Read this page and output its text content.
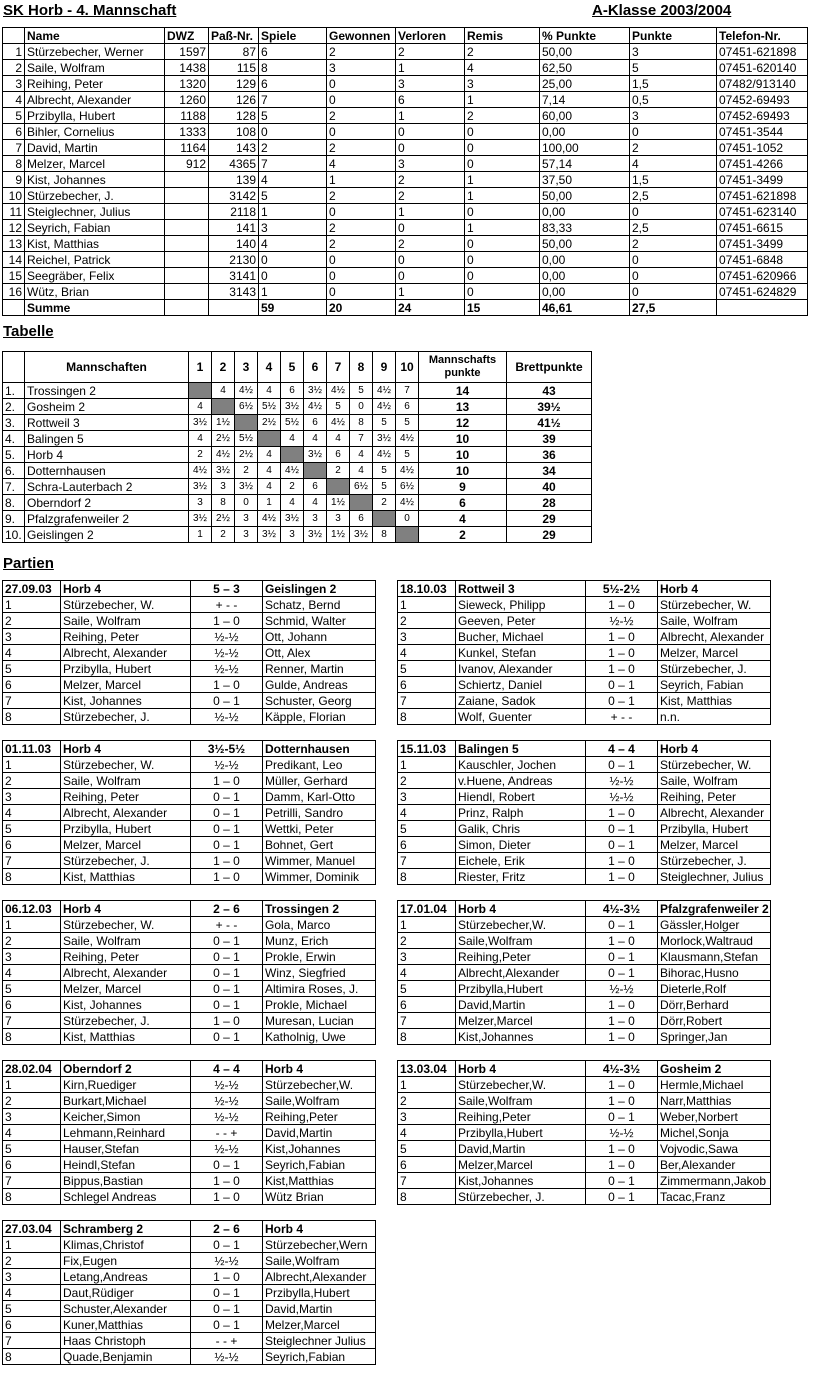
SK Horb - 4. Mannschaft	A-Klasse 2003/2004
	Name	DWZ	Paß-Nr.	Spiele	Gewonnen	Verloren	Remis	% Punkte	Punkte	Telefon-Nr.
1	Stürzebecher, Werner	1597	87	6	2	2	2	50,00	3	07451-621898
2	Saile, Wolfram	1438	115	8	3	1	4	62,50	5	07451-620140
3	Reihing, Peter	1320	129	6	0	3	3	25,00	1,5	07482/913140
4	Albrecht, Alexander	1260	126	7	0	6	1	7,14	0,5	07452-69493
5	Przibylla, Hubert	1188	128	5	2	1	2	60,00	3	07452-69493
6	Bihler, Cornelius	1333	108	0	0	0	0	0,00	0	07451-3544
7	David, Martin	1164	143	2	2	0	0	100,00	2	07451-1052
8	Melzer, Marcel	912	4365	7	4	3	0	57,14	4	07451-4266
9	Kist, Johannes		139	4	1	2	1	37,50	1,5	07451-3499
10	Stürzebecher, J.		3142	5	2	2	1	50,00	2,5	07451-621898
11	Steiglechner, Julius		2118	1	0	1	0	0,00	0	07451-623140
12	Seyrich, Fabian		141	3	2	0	1	83,33	2,5	07451-6615
13	Kist, Matthias		140	4	2	2	0	50,00	2	07451-3499
14	Reichel, Patrick		2130	0	0	0	0	0,00	0	07451-6848
15	Seegräber, Felix		3141	0	0	0	0	0,00	0	07451-620966
16	Wütz, Brian		3143	1	0	1	0	0,00	0	07451-624829
	Summe			59	20	24	15	46,61	27,5	
Tabelle
	Mannschaften	1	2	3	4	5	6	7	8	9	10	Mannschafts punkte	Brettpunkte
1.	Trossingen 2		4	4½	4	6	3½	4½	5	4½	7	14	43
2.	Gosheim 2	4		6½	5½	3½	4½	5	0	4½	6	13	39½
3.	Rottweil 3	3½	1½		2½	5½	6	4½	8	5	5	12	41½
4.	Balingen 5	4	2½	5½		4	4	4	7	3½	4½	10	39
5.	Horb 4	2	4½	2½	4		3½	6	4	4½	5	10	36
6.	Dotternhausen	4½	3½	2	4	4½		2	4	5	4½	10	34
7.	Schra-Lauterbach 2	3½	3	3½	4	2	6		6½	5	6½	9	40
8.	Oberndorf 2	3	8	0	1	4	4	1½		2	4½	6	28
9.	Pfalzgrafenweiler 2	3½	2½	3	4½	3½	3	3	6		0	4	29
10.	Geislingen 2	1	2	3	3½	3	3½	1½	3½	8		2	29
Partien
27.09.03	Horb 4	5 – 3	Geislingen 2
1	Stürzebecher, W.	+ - -	Schatz, Bernd
2	Saile, Wolfram	1 – 0	Schmid, Walter
3	Reihing, Peter	½-½	Ott, Johann
4	Albrecht, Alexander	½-½	Ott, Alex
5	Przibylla, Hubert	½-½	Renner, Martin
6	Melzer, Marcel	1 – 0	Gulde, Andreas
7	Kist, Johannes	0 – 1	Schuster, Georg
8	Stürzebecher, J.	½-½	Käpple, Florian
18.10.03	Rottweil 3	5½-2½	Horb 4
1	Sieweck, Philipp	1 – 0	Stürzebecher, W.
2	Geeven, Peter	½-½	Saile, Wolfram
3	Bucher, Michael	1 – 0	Albrecht, Alexander
4	Kunkel, Stefan	1 – 0	Melzer, Marcel
5	Ivanov, Alexander	1 – 0	Stürzebecher, J.
6	Schiertz, Daniel	0 – 1	Seyrich, Fabian
7	Zaiane, Sadok	0 – 1	Kist, Matthias
8	Wolf, Guenter	+ - -	n.n.
01.11.03	Horb 4	3½-5½	Dotternhausen
1	Stürzebecher, W.	½-½	Predikant, Leo
2	Saile, Wolfram	1 – 0	Müller, Gerhard
3	Reihing, Peter	0 – 1	Damm, Karl-Otto
4	Albrecht, Alexander	0 – 1	Petrilli, Sandro
5	Przibylla, Hubert	0 – 1	Wettki, Peter
6	Melzer, Marcel	0 – 1	Bohnet, Gert
7	Stürzebecher, J.	1 – 0	Wimmer, Manuel
8	Kist, Matthias	1 – 0	Wimmer, Dominik
15.11.03	Balingen 5	4 – 4	Horb 4
1	Kauschler, Jochen	0 – 1	Stürzebecher, W.
2	v.Huene, Andreas	½-½	Saile, Wolfram
3	Hiendl, Robert	½-½	Reihing, Peter
4	Prinz, Ralph	1 – 0	Albrecht, Alexander
5	Galik, Chris	0 – 1	Przibylla, Hubert
6	Simon, Dieter	0 – 1	Melzer, Marcel
7	Eichele, Erik	1 – 0	Stürzebecher, J.
8	Riester, Fritz	1 – 0	Steiglechner, Julius
06.12.03	Horb 4	2 – 6	Trossingen 2
1	Stürzebecher, W.	+ - -	Gola, Marco
2	Saile, Wolfram	0 – 1	Munz, Erich
3	Reihing, Peter	0 – 1	Prokle, Erwin
4	Albrecht, Alexander	0 – 1	Winz, Siegfried
5	Melzer, Marcel	0 – 1	Altimira Roses, J.
6	Kist, Johannes	0 – 1	Prokle, Michael
7	Stürzebecher, J.	1 – 0	Muresan, Lucian
8	Kist, Matthias	0 – 1	Katholnig, Uwe
17.01.04	Horb 4	4½-3½	Pfalzgrafenweiler 2
1	Stürzebecher,W.	0 – 1	Gässler,Holger
2	Saile,Wolfram	1 – 0	Morlock,Waltraud
3	Reihing,Peter	0 – 1	Klausmann,Stefan
4	Albrecht,Alexander	0 – 1	Bihorac,Husno
5	Przibylla,Hubert	½-½	Dieterle,Rolf
6	David,Martin	1 – 0	Dörr,Berhard
7	Melzer,Marcel	1 – 0	Dörr,Robert
8	Kist,Johannes	1 – 0	Springer,Jan
28.02.04	Oberndorf 2	4 – 4	Horb 4
1	Kirn,Ruediger	½-½	Stürzebecher,W.
2	Burkart,Michael	½-½	Saile,Wolfram
3	Keicher,Simon	½-½	Reihing,Peter
4	Lehmann,Reinhard	- - +	David,Martin
5	Hauser,Stefan	½-½	Kist,Johannes
6	Heindl,Stefan	0 – 1	Seyrich,Fabian
7	Bippus,Bastian	1 – 0	Kist,Matthias
8	Schlegel Andreas	1 – 0	Wütz Brian
13.03.04	Horb 4	4½-3½	Gosheim 2
1	Stürzebecher,W.	1 – 0	Hermle,Michael
2	Saile,Wolfram	1 – 0	Narr,Matthias
3	Reihing,Peter	0 – 1	Weber,Norbert
4	Przibylla,Hubert	½-½	Michel,Sonja
5	David,Martin	1 – 0	Vojvodic,Sawa
6	Melzer,Marcel	1 – 0	Ber,Alexander
7	Kist,Johannes	0 – 1	Zimmermann,Jakob
8	Stürzebecher, J.	0 – 1	Tacac,Franz
27.03.04	Schramberg 2	2 – 6	Horb 4
1	Klimas,Christof	0 – 1	Stürzebecher,Wern
2	Fix,Eugen	½-½	Saile,Wolfram
3	Letang,Andreas	1 – 0	Albrecht,Alexander
4	Daut,Rüdiger	0 – 1	Przibylla,Hubert
5	Schuster,Alexander	0 – 1	David,Martin
6	Kuner,Matthias	0 – 1	Melzer,Marcel
7	Haas Christoph	- - +	Steiglechner Julius
8	Quade,Benjamin	½-½	Seyrich,Fabian
